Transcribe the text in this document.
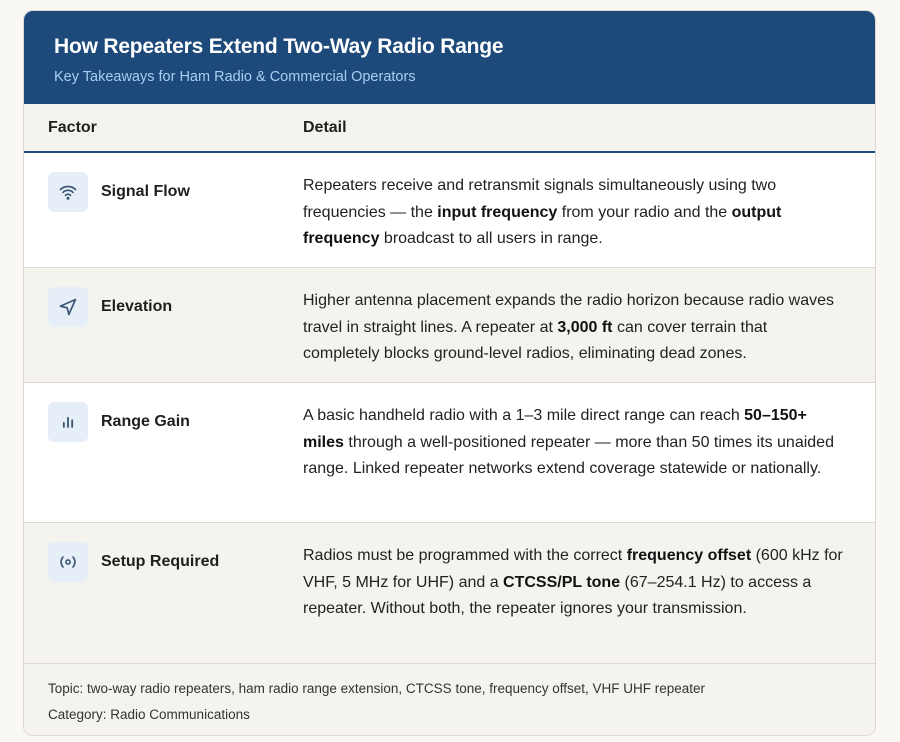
How Repeaters Extend Two-Way Radio Range
Key Takeaways for Ham Radio & Commercial Operators
Factor	Detail
Signal Flow	Repeaters receive and retransmit signals simultaneously using two frequencies — the input frequency from your radio and the output frequency broadcast to all users in range.
Elevation	Higher antenna placement expands the radio horizon because radio waves travel in straight lines. A repeater at 3,000 ft can cover terrain that completely blocks ground-level radios, eliminating dead zones.
Range Gain	A basic handheld radio with a 1–3 mile direct range can reach 50–150+ miles through a well-positioned repeater — more than 50 times its unaided range. Linked repeater networks extend coverage statewide or nationally.
Setup Required	Radios must be programmed with the correct frequency offset (600 kHz for VHF, 5 MHz for UHF) and a CTCSS/PL tone (67–254.1 Hz) to access a repeater. Without both, the repeater ignores your transmission.
Topic: two-way radio repeaters, ham radio range extension, CTCSS tone, frequency offset, VHF UHF repeater
Category: Radio Communications
